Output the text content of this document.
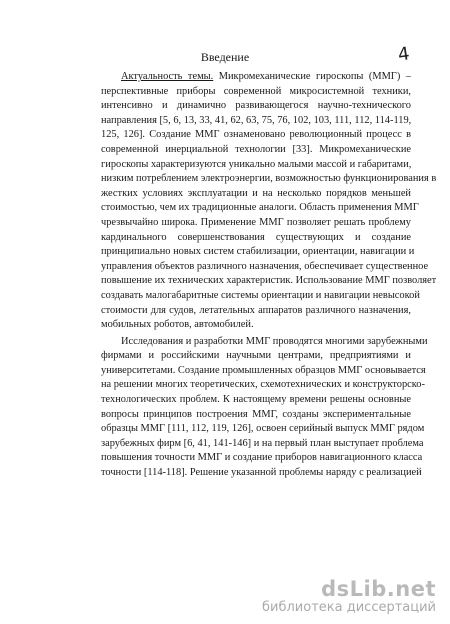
4
Введение
Актуальность темы. Микромеханические гироскопы (ММГ) –
перспективные приборы современной микросистемной техники,
интенсивно и динамично развивающегося научно-технического
направления [5, 6, 13, 33, 41, 62, 63, 75, 76, 102, 103, 111, 112, 114-119,
125, 126]. Создание ММГ ознаменовано революционный процесс в
современной инерциальной технологии [33]. Микромеханические
гироскопы характеризуются уникально малыми массой и габаритами,
низким потреблением электроэнергии, возможностью функционирования в
жестких условиях эксплуатации и на несколько порядков меньшей
стоимостью, чем их традиционные аналоги. Область применения ММГ
чрезвычайно широка. Применение ММГ позволяет решать проблему
кардинального совершенствования существующих и создание
принципиально новых систем стабилизации, ориентации, навигации и
управления объектов различного назначения, обеспечивает существенное
повышение их технических характеристик. Использование ММГ позволяет
создавать малогабаритные системы ориентации и навигации невысокой
стоимости для судов, летательных аппаратов различного назначения,
мобильных роботов, автомобилей.
Исследования и разработки ММГ проводятся многими зарубежными
фирмами и российскими научными центрами, предприятиями и
университетами. Создание промышленных образцов ММГ основывается
на решении многих теоретических, схемотехнических и конструкторско-
технологических проблем. К настоящему времени решены основные
вопросы принципов построения ММГ, созданы экспериментальные
образцы ММГ [111, 112, 119, 126], освоен серийный выпуск ММГ рядом
зарубежных фирм [6, 41, 141-146] и на первый план выступает проблема
повышения точности ММГ и создание приборов навигационного класса
точности [114-118]. Решение указанной проблемы наряду с реализацией
dsLib.net
библиотека диссертаций
